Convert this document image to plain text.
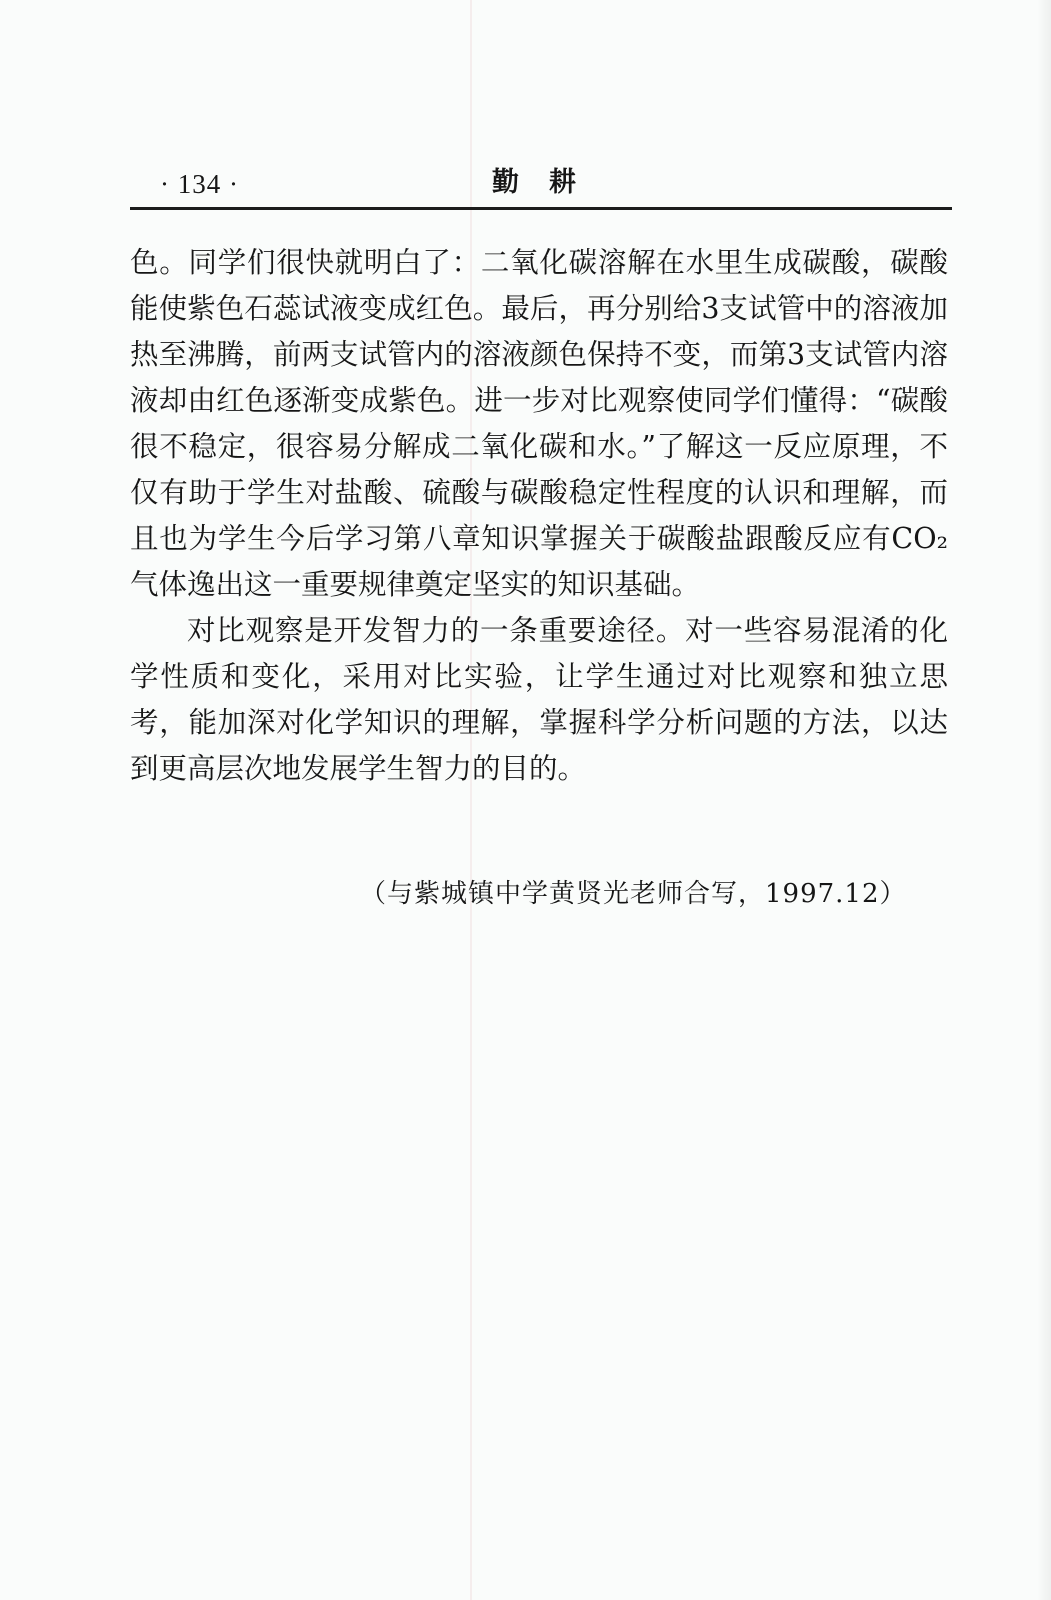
· 134 ·	勤耕

色。同学们很快就明白了：二氧化碳溶解在水里生成碳酸，碳酸能使紫色石蕊试液变成红色。最后，再分别给3支试管中的溶液加热至沸腾，前两支试管内的溶液颜色保持不变，而第3支试管内溶液却由红色逐渐变成紫色。进一步对比观察使同学们懂得：“碳酸很不稳定，很容易分解成二氧化碳和水。”了解这一反应原理，不仅有助于学生对盐酸、硫酸与碳酸稳定性程度的认识和理解，而且也为学生今后学习第八章知识掌握关于碳酸盐跟酸反应有CO₂气体逸出这一重要规律奠定坚实的知识基础。

对比观察是开发智力的一条重要途径。对一些容易混淆的化学性质和变化，采用对比实验，让学生通过对比观察和独立思考，能加深对化学知识的理解，掌握科学分析问题的方法，以达到更高层次地发展学生智力的目的。

（与紫城镇中学黄贤光老师合写，1997.12）
